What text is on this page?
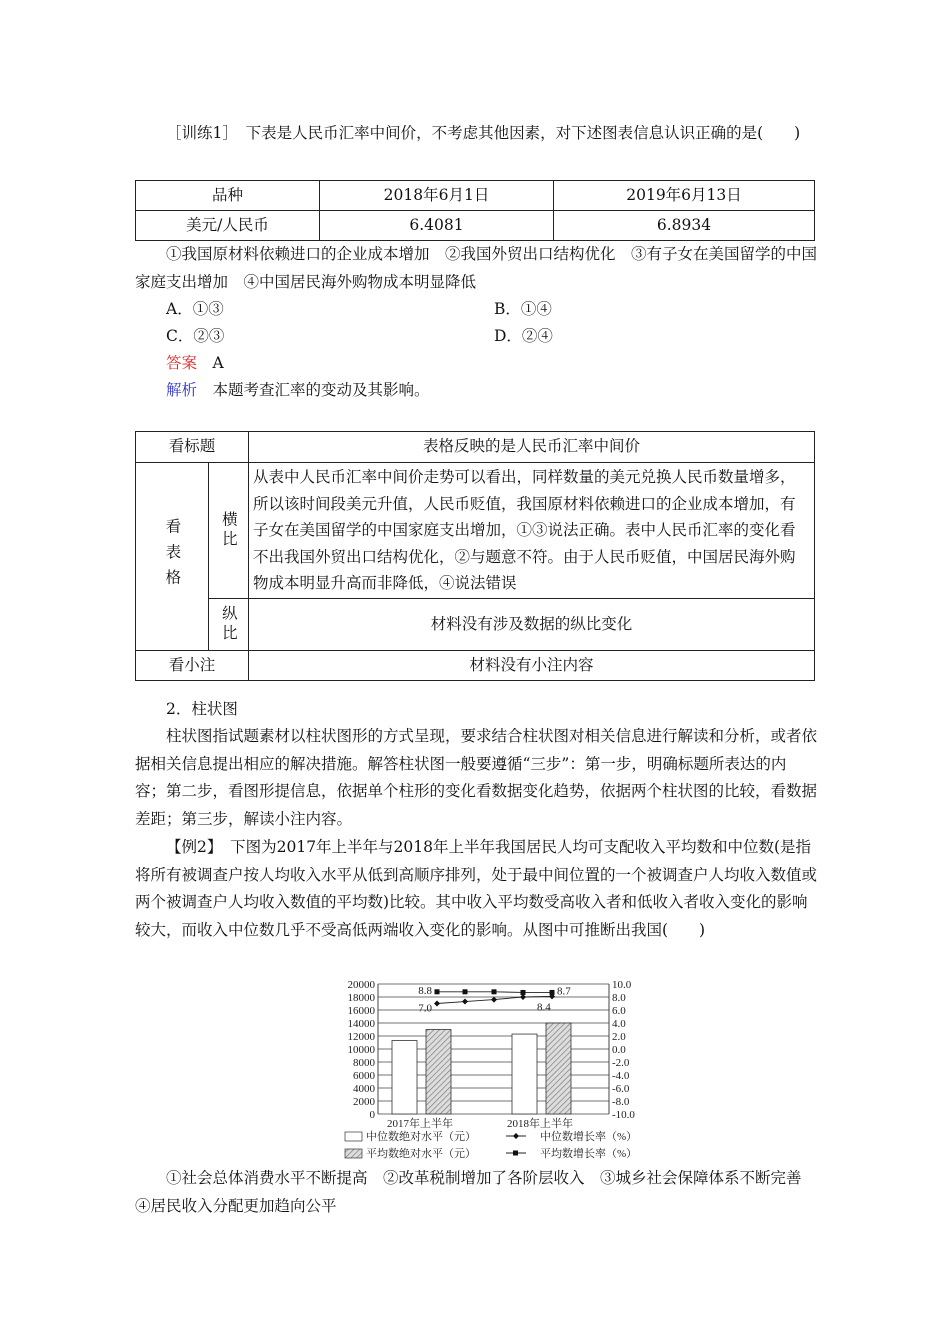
［训练1］　下表是人民币汇率中间价，不考虑其他因素，对下述图表信息认识正确的是(　　)
品种	2018年6月1日	2019年6月13日
美元/人民币	6.4081	6.8934
①我国原材料依赖进口的企业成本增加　②我国外贸出口结构优化　③有子女在美国留学的中国家庭支出增加　④中国居民海外购物成本明显降低
A．①③	B．①④
C．②③	D．②④
答案　 A
解析　 本题考查汇率的变动及其影响。
看标题		表格反映的是人民币汇率中间价
看表格	横比	从表中人民币汇率中间价走势可以看出，同样数量的美元兑换人民币数量增多，所以该时间段美元升值，人民币贬值，我国原材料依赖进口的企业成本增加，有子女在美国留学的中国家庭支出增加，①③说法正确。表中人民币汇率的变化看不出我国外贸出口结构优化，②与题意不符。由于人民币贬值，中国居民海外购物成本明显升高而非降低，④说法错误
	纵比	材料没有涉及数据的纵比变化
看小注		材料没有小注内容
2．柱状图
柱状图指试题素材以柱状图形的方式呈现，要求结合柱状图对相关信息进行解读和分析，或者依据相关信息提出相应的解决措施。解答柱状图一般要遵循“三步”：第一步，明确标题所表达的内容；第二步，看图形提信息，依据单个柱形的变化看数据变化趋势，依据两个柱状图的比较，看数据差距；第三步，解读小注内容。
【例2】　下图为2017年上半年与2018年上半年我国居民人均可支配收入平均数和中位数(是指将所有被调查户按人均收入水平从低到高顺序排列，处于最中间位置的一个被调查户人均收入数值或两个被调查户人均收入数值的平均数)比较。其中收入平均数受高收入者和低收入者收入变化的影响较大，而收入中位数几乎不受高低两端收入变化的影响。从图中可推断出我国(　　)
0	-10.0
2000	-8.0
4000	-6.0
6000	-4.0
8000	-2.0
10000	0.0
12000	2.0
14000	4.0
16000	6.0
18000	8.0
20000	10.0
2017年上半年	2018年上半年
7.0	8.4
8.8	8.7
中位数绝对水平（元）	中位数增长率（%）
平均数绝对水平（元）	平均数增长率（%）
①社会总体消费水平不断提高　②改革税制增加了各阶层收入　③城乡社会保障体系不断完善　④居民收入分配更加趋向公平
